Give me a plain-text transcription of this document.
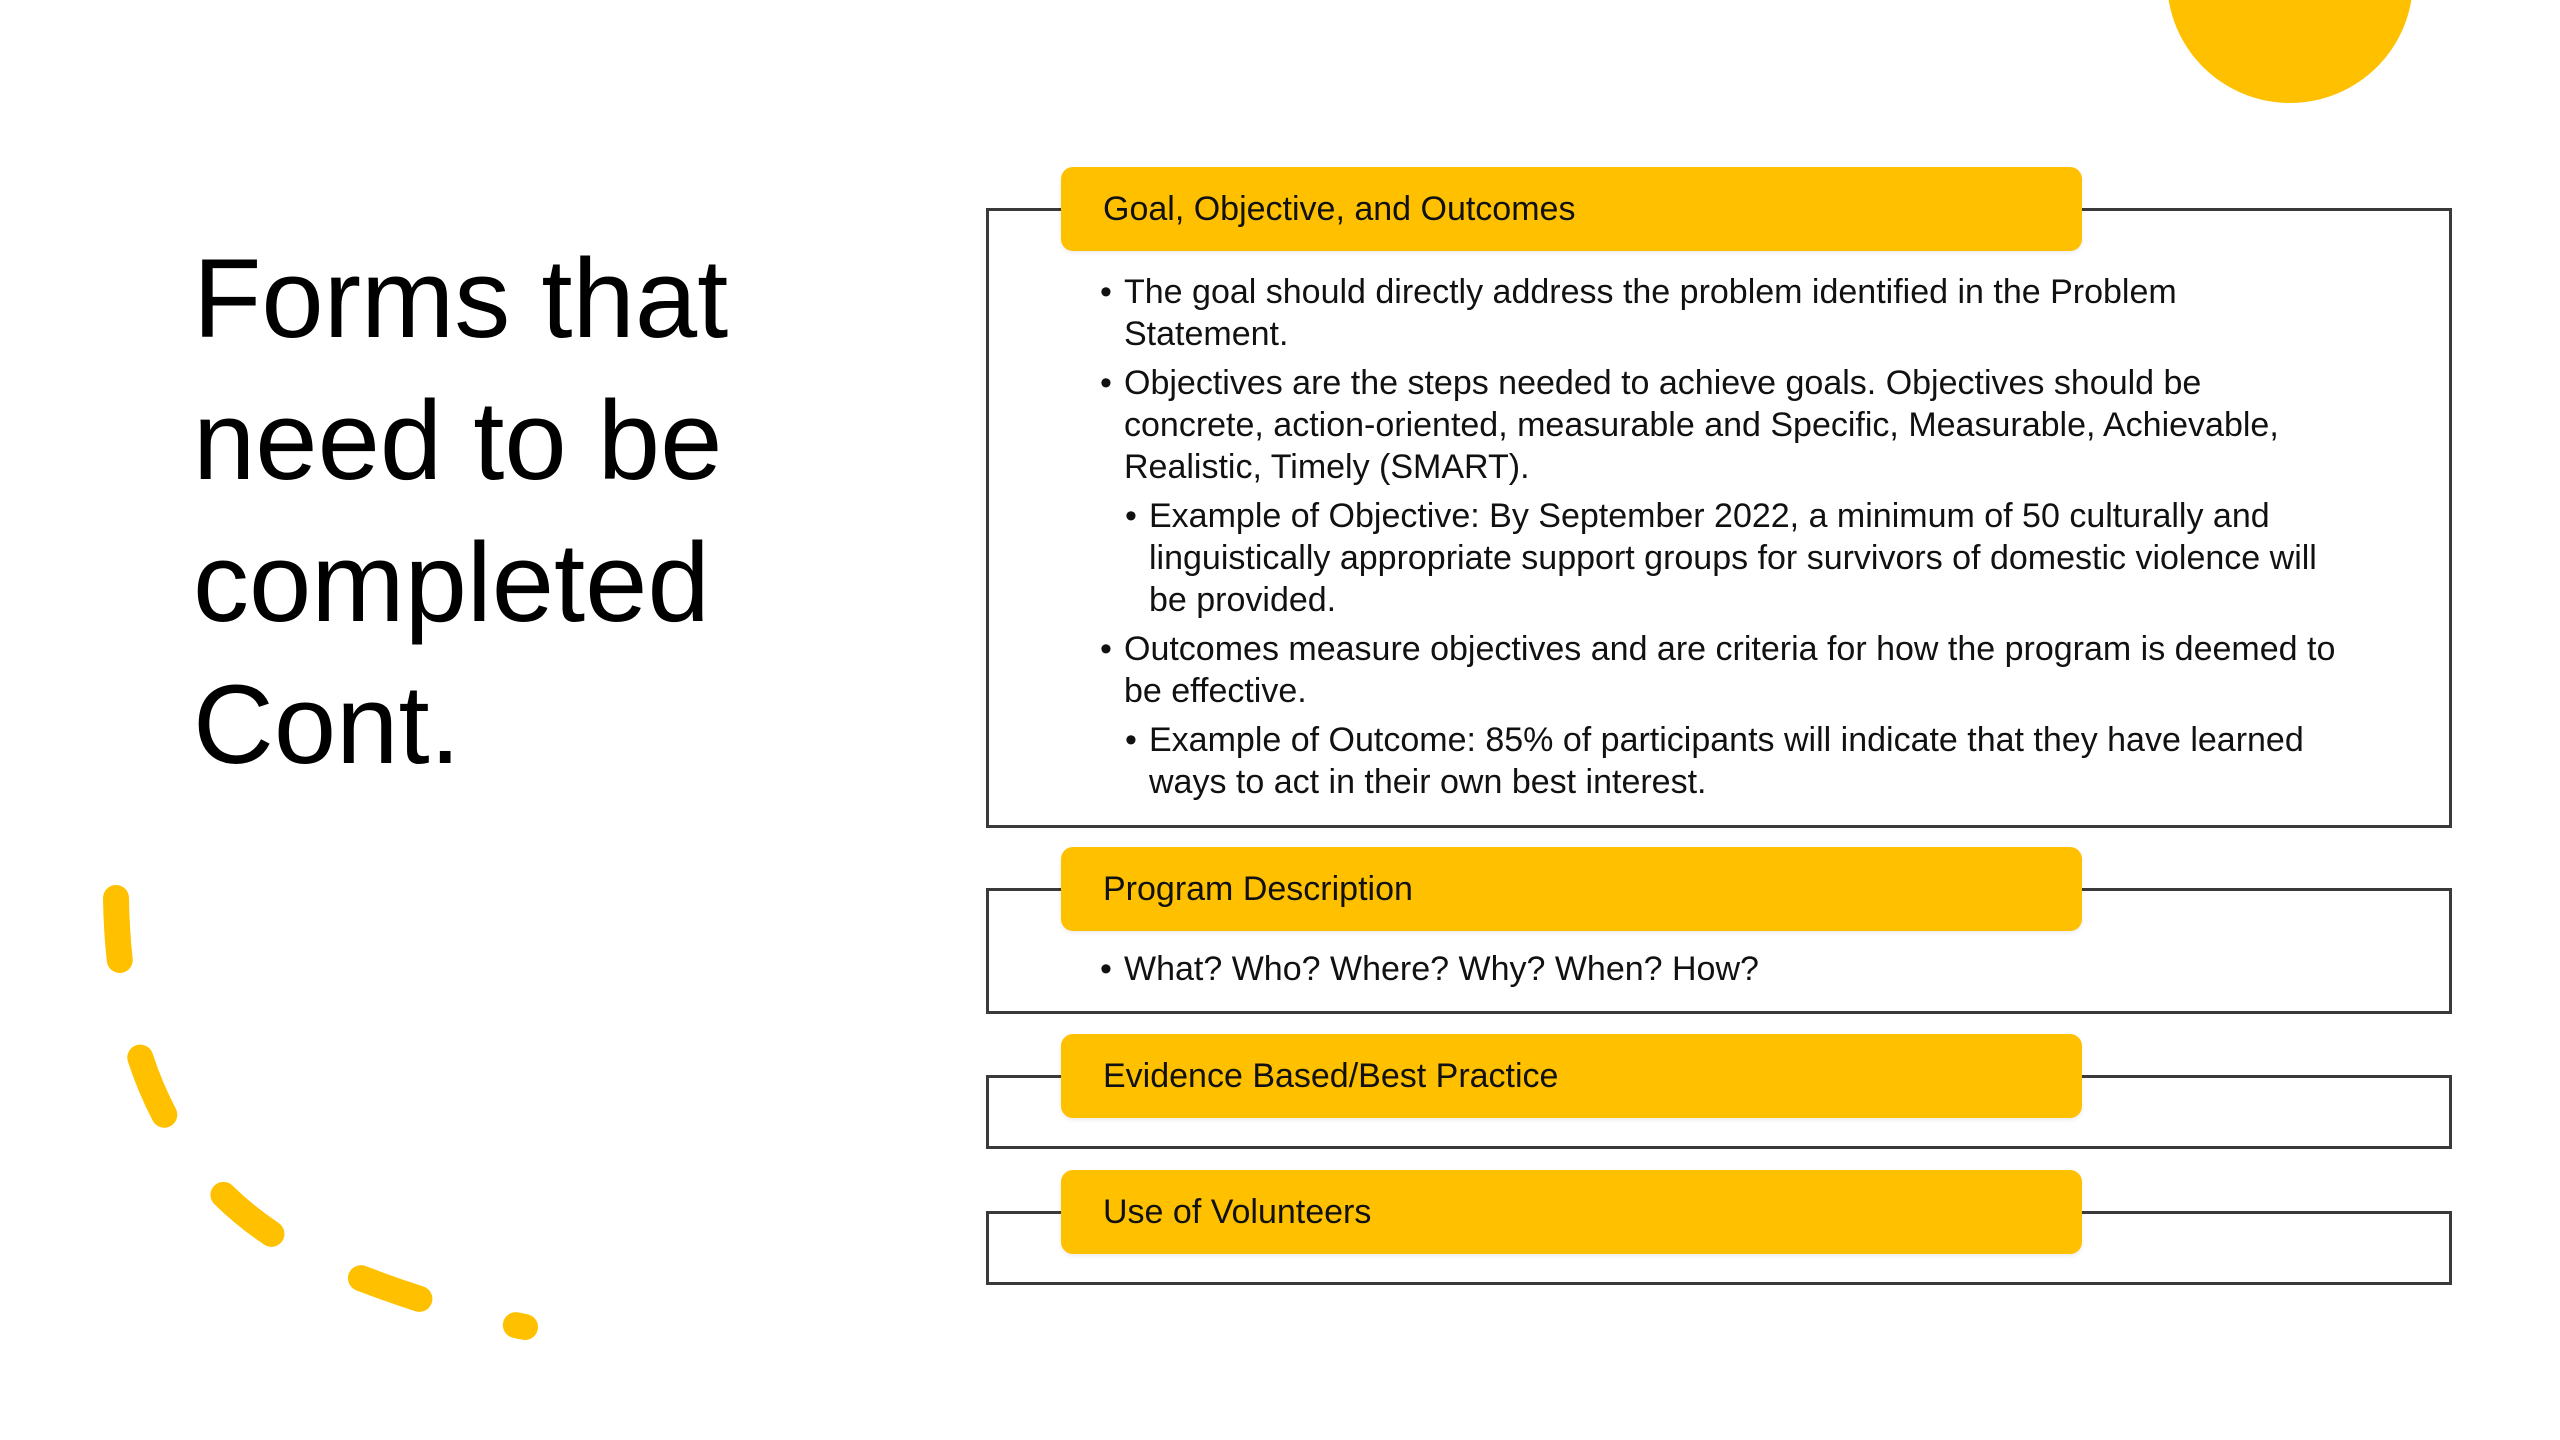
Forms that
need to be
completed
Cont.
Goal, Objective, and Outcomes
• The goal should directly address the problem identified in the Problem Statement.
• Objectives are the steps needed to achieve goals. Objectives should be concrete, action-oriented, measurable and Specific, Measurable, Achievable, Realistic, Timely (SMART).
• Example of Objective: By September 2022, a minimum of 50 culturally and linguistically appropriate support groups for survivors of domestic violence will be provided.
• Outcomes measure objectives and are criteria for how the program is deemed to be effective.
• Example of Outcome: 85% of participants will indicate that they have learned ways to act in their own best interest.
Program Description
• What? Who? Where? Why? When? How?
Evidence Based/Best Practice
Use of Volunteers
